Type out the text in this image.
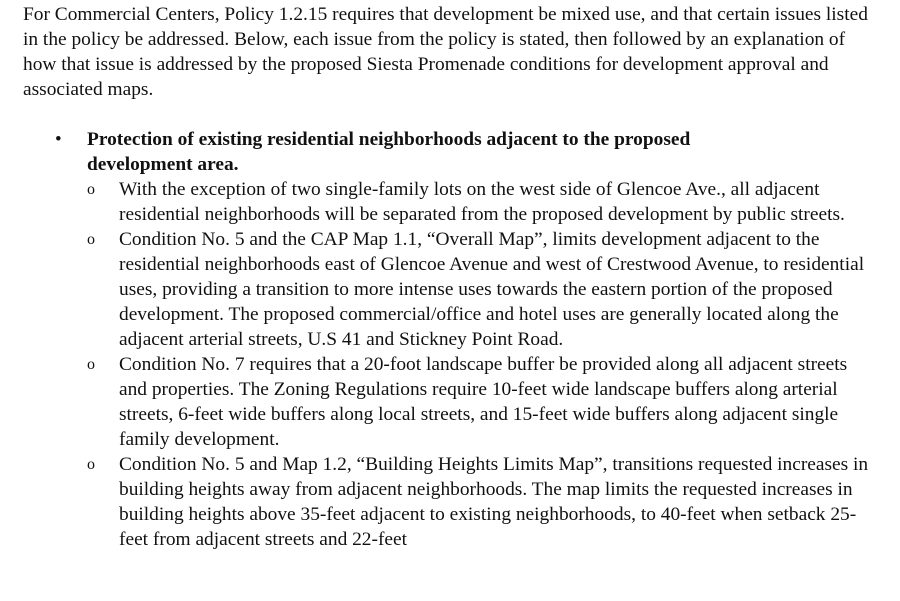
For Commercial Centers, Policy 1.2.15 requires that development be mixed use, and that certain issues listed in the policy be addressed. Below, each issue from the policy is stated, then followed by an explanation of how that issue is addressed by the proposed Siesta Promenade conditions for development approval and associated maps.

• Protection of existing residential neighborhoods adjacent to the proposed development area.
o With the exception of two single-family lots on the west side of Glencoe Ave., all adjacent residential neighborhoods will be separated from the proposed development by public streets.
o Condition No. 5 and the CAP Map 1.1, “Overall Map”, limits development adjacent to the residential neighborhoods east of Glencoe Avenue and west of Crestwood Avenue, to residential uses, providing a transition to more intense uses towards the eastern portion of the proposed development. The proposed commercial/office and hotel uses are generally located along the adjacent arterial streets, U.S 41 and Stickney Point Road.
o Condition No. 7 requires that a 20-foot landscape buffer be provided along all adjacent streets and properties. The Zoning Regulations require 10-feet wide landscape buffers along arterial streets, 6-feet wide buffers along local streets, and 15-feet wide buffers along adjacent single family development.
o Condition No. 5 and Map 1.2, “Building Heights Limits Map”, transitions requested increases in building heights away from adjacent neighborhoods. The map limits the requested increases in building heights above 35-feet adjacent to existing neighborhoods, to 40-feet when setback 25-feet from adjacent streets and 22-feet
